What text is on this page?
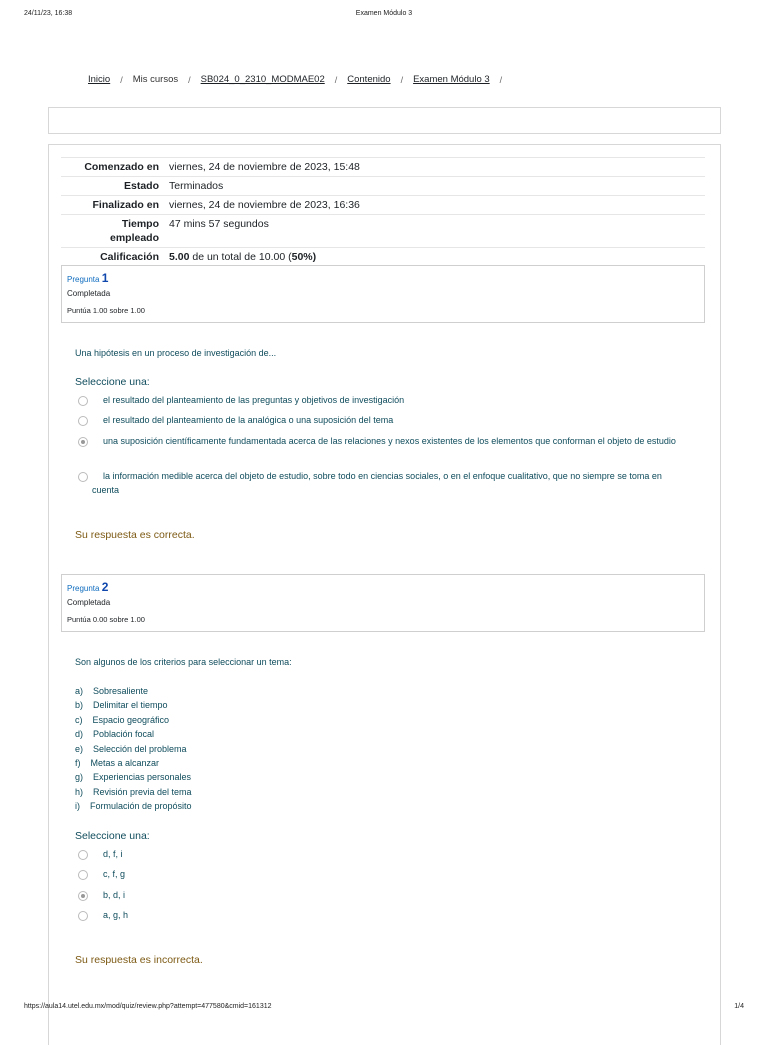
24/11/23, 16:38	Examen Módulo 3
Inicio / Mis cursos / SB024_0_2310_MODMAE02 / Contenido / Examen Módulo 3 /
Comenzado en	viernes, 24 de noviembre de 2023, 15:48
Estado	Terminados
Finalizado en	viernes, 24 de noviembre de 2023, 16:36
Tiempo
empleado	47 mins 57 segundos
Calificación	5.00 de un total de 10.00 (50%)
Pregunta 1
Completada
Puntúa 1.00 sobre 1.00
Una hipótesis en un proceso de investigación de...
Seleccione una:
el resultado del planteamiento de las preguntas y objetivos de investigación
el resultado del planteamiento de la analógica o una suposición del tema
una suposición científicamente fundamentada acerca de las relaciones y nexos existentes de los elementos que conforman el objeto de estudio
la información medible acerca del objeto de estudio, sobre todo en ciencias sociales, o en el enfoque cualitativo, que no siempre se toma en cuenta
Su respuesta es correcta.
Pregunta 2
Completada
Puntúa 0.00 sobre 1.00
Son algunos de los criterios para seleccionar un tema:
a)    Sobresaliente
b)    Delimitar el tiempo
c)    Espacio geográfico
d)    Población focal
e)    Selección del problema
f)    Metas a alcanzar
g)    Experiencias personales
h)    Revisión previa del tema
i)    Formulación de propósito
Seleccione una:
d, f, i
c, f, g
b, d, i
a, g, h
Su respuesta es incorrecta.
https://aula14.utel.edu.mx/mod/quiz/review.php?attempt=477580&cmid=161312	1/4
